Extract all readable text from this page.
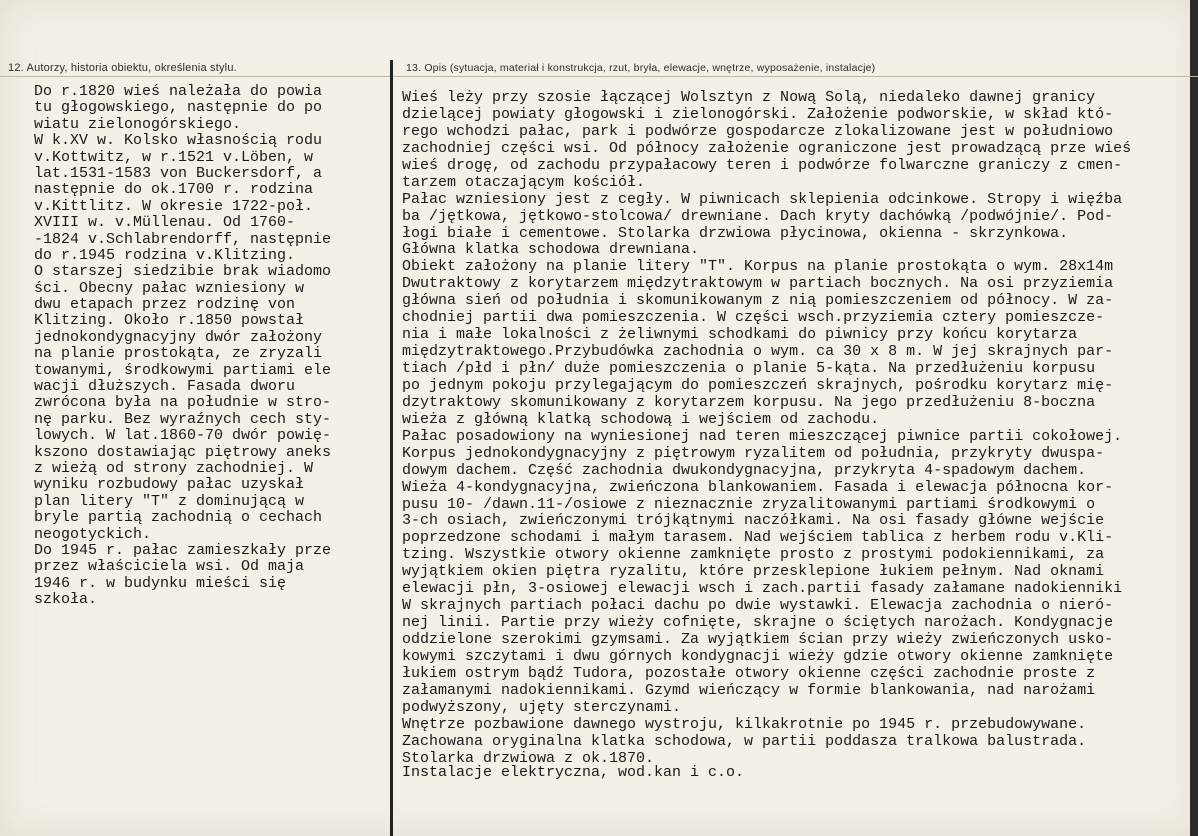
12. Autorzy, historia obiektu, określenia stylu.	13. Opis (sytuacja, materiał i konstrukcja, rzut, bryła, elewacje, wnętrze, wyposażenie, instalacje)
Do r.1820 wieś należała do powia
tu głogowskiego, następnie do po
wiatu zielonogórskiego.
W k.XV w. Kolsko własnością rodu
v.Kottwitz, w r.1521 v.Löben, w
lat.1531-1583 von Buckersdorf, a
następnie do ok.1700 r. rodzina
v.Kittlitz. W okresie 1722-poł.
XVIII w. v.Müllenau. Od 1760-
-1824 v.Schlabrendorff, następnie
do r.1945 rodzina v.Klitzing.
O starszej siedzibie brak wiadomo
ści. Obecny pałac wzniesiony w
dwu etapach przez rodzinę von
Klitzing. Około r.1850 powstał
jednokondygnacyjny dwór założony
na planie prostokąta, ze zryzali
towanymi, środkowymi partiami ele
wacji dłuższych. Fasada dworu
zwrócona była na południe w stro-
nę parku. Bez wyraźnych cech sty-
lowych. W lat.1860-70 dwór powię-
kszono dostawiając piętrowy aneks
z wieżą od strony zachodniej. W
wyniku rozbudowy pałac uzyskał
plan litery "T" z dominującą w
bryle partią zachodnią o cechach
neogotyckich.
Do 1945 r. pałac zamieszkały prze
przez właściciela wsi. Od maja
1946 r. w budynku mieści się
szkoła.
Wieś leży przy szosie łączącej Wolsztyn z Nową Solą, niedaleko dawnej granicy
dzielącej powiaty głogowski i zielonogórski. Założenie podworskie, w skład któ-
rego wchodzi pałac, park i podwórze gospodarcze zlokalizowane jest w południowo
zachodniej części wsi. Od północy założenie ograniczone jest prowadzącą prze wieś
wieś drogę, od zachodu przypałacowy teren i podwórze folwarczne graniczy z cmen-
tarzem otaczającym kościół.
Pałac wzniesiony jest z cegły. W piwnicach sklepienia odcinkowe. Stropy i więźba
ba /jętkowa, jętkowo-stolcowa/ drewniane. Dach kryty dachówką /podwójnie/. Pod-
łogi białe i cementowe. Stolarka drzwiowa płycinowa, okienna - skrzynkowa.
Główna klatka schodowa drewniana.
Obiekt założony na planie litery "T". Korpus na planie prostokąta o wym. 28x14m
Dwutraktowy z korytarzem międzytraktowym w partiach bocznych. Na osi przyziemia
główna sień od południa i skomunikowanym z nią pomieszczeniem od północy. W za-
chodniej partii dwa pomieszczenia. W części wsch.przyziemia cztery pomieszcze-
nia i małe lokalności z żeliwnymi schodkami do piwnicy przy końcu korytarza
międzytraktowego.Przybudówka zachodnia o wym. ca 30 x 8 m. W jej skrajnych par-
tiach /płd i płn/ duże pomieszczenia o planie 5-kąta. Na przedłużeniu korpusu
po jednym pokoju przylegającym do pomieszczeń skrajnych, pośrodku korytarz mię-
dzytraktowy skomunikowany z korytarzem korpusu. Na jego przedłużeniu 8-boczna
wieża z główną klatką schodową i wejściem od zachodu.
Pałac posadowiony na wyniesionej nad teren mieszczącej piwnice partii cokołowej.
Korpus jednokondygnacyjny z piętrowym ryzalitem od południa, przykryty dwuspa-
dowym dachem. Część zachodnia dwukondygnacyjna, przykryta 4-spadowym dachem.
Wieża 4-kondygnacyjna, zwieńczona blankowaniem. Fasada i elewacja północna kor-
pusu 10- /dawn.11-/osiowe z nieznacznie zryzalitowanymi partiami środkowymi o
3-ch osiach, zwieńczonymi trójkątnymi naczółkami. Na osi fasady główne wejście
poprzedzone schodami i małym tarasem. Nad wejściem tablica z herbem rodu v.Kli-
tzing. Wszystkie otwory okienne zamknięte prosto z prostymi podokiennikami, za
wyjątkiem okien piętra ryzalitu, które przesklepione łukiem pełnym. Nad oknami
elewacji płn, 3-osiowej elewacji wsch i zach.partii fasady załamane nadokienniki
W skrajnych partiach połaci dachu po dwie wystawki. Elewacja zachodnia o nieró-
nej linii. Partie przy wieży cofnięte, skrajne o ściętych narożach. Kondygnacje
oddzielone szerokimi gzymsami. Za wyjątkiem ścian przy wieży zwieńczonych usko-
kowymi szczytami i dwu górnych kondygnacji wieży gdzie otwory okienne zamknięte
łukiem ostrym bądź Tudora, pozostałe otwory okienne części zachodnie proste z
załamanymi nadokiennikami. Gzymd wieńczący w formie blankowania, nad narożami
podwyższony, ujęty sterczynami.
Wnętrze pozbawione dawnego wystroju, kilkakrotnie po 1945 r. przebudowywane.
Zachowana oryginalna klatka schodowa, w partii poddasza tralkowa balustrada.
Stolarka drzwiowa z ok.1870.
Instalacje elektryczna, wod.kan i c.o.
